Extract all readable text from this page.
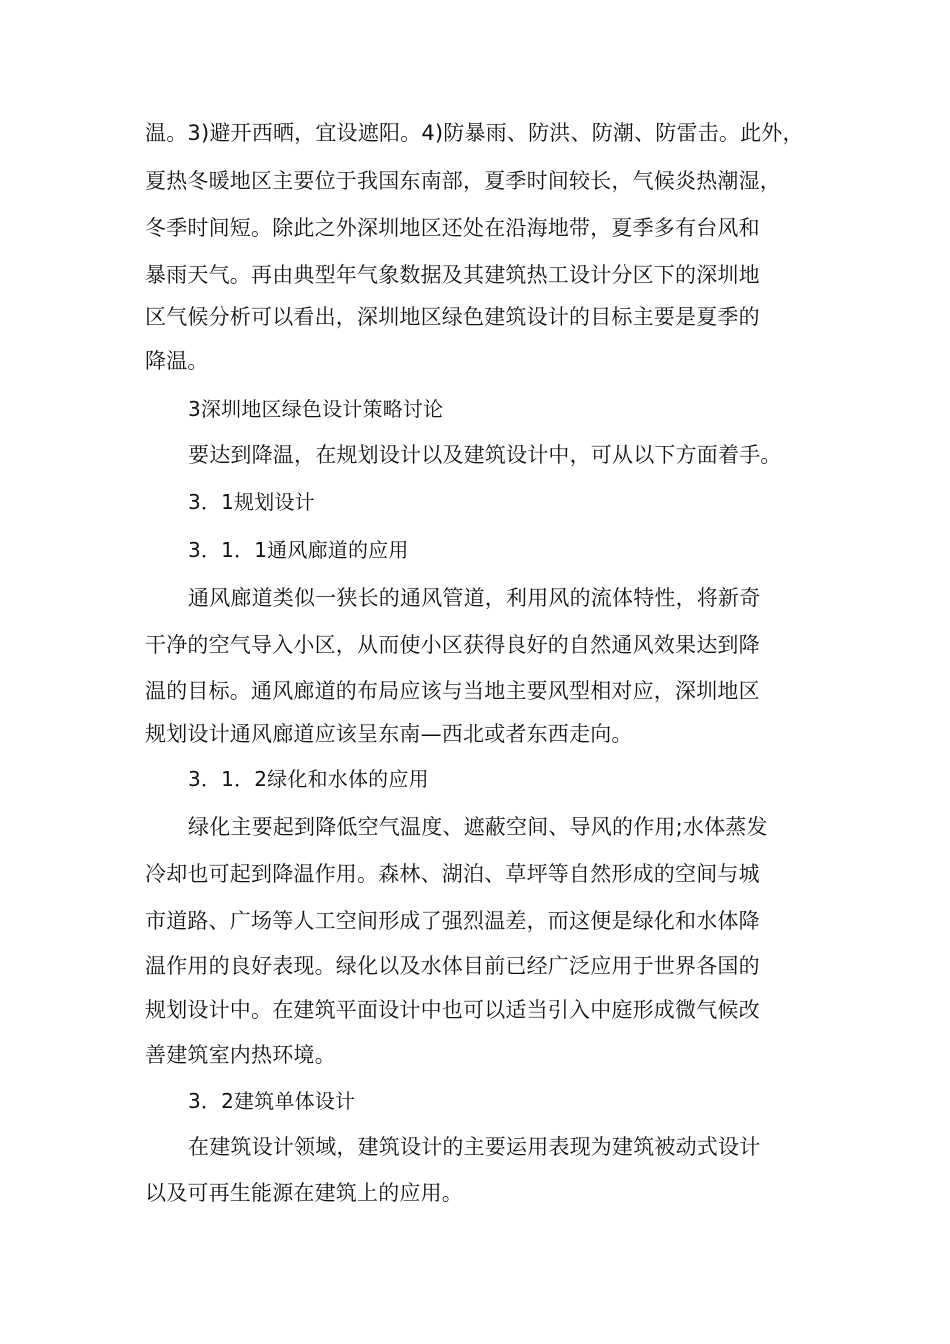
温。3)避开西晒，宜设遮阳。4)防暴雨、防洪、防潮、防雷击。此外，
夏热冬暖地区主要位于我国东南部，夏季时间较长，气候炎热潮湿，
冬季时间短。除此之外深圳地区还处在沿海地带，夏季多有台风和
暴雨天气。再由典型年气象数据及其建筑热工设计分区下的深圳地
区气候分析可以看出，深圳地区绿色建筑设计的目标主要是夏季的
降温。
3深圳地区绿色设计策略讨论
要达到降温，在规划设计以及建筑设计中，可从以下方面着手。
3．1规划设计
3．1．1通风廊道的应用
通风廊道类似一狭长的通风管道，利用风的流体特性，将新奇
干净的空气导入小区，从而使小区获得良好的自然通风效果达到降
温的目标。通风廊道的布局应该与当地主要风型相对应，深圳地区
规划设计通风廊道应该呈东南—西北或者东西走向。
3．1．2绿化和水体的应用
绿化主要起到降低空气温度、遮蔽空间、导风的作用;水体蒸发
冷却也可起到降温作用。森林、湖泊、草坪等自然形成的空间与城
市道路、广场等人工空间形成了强烈温差，而这便是绿化和水体降
温作用的良好表现。绿化以及水体目前已经广泛应用于世界各国的
规划设计中。在建筑平面设计中也可以适当引入中庭形成微气候改
善建筑室内热环境。
3．2建筑单体设计
在建筑设计领域，建筑设计的主要运用表现为建筑被动式设计
以及可再生能源在建筑上的应用。
